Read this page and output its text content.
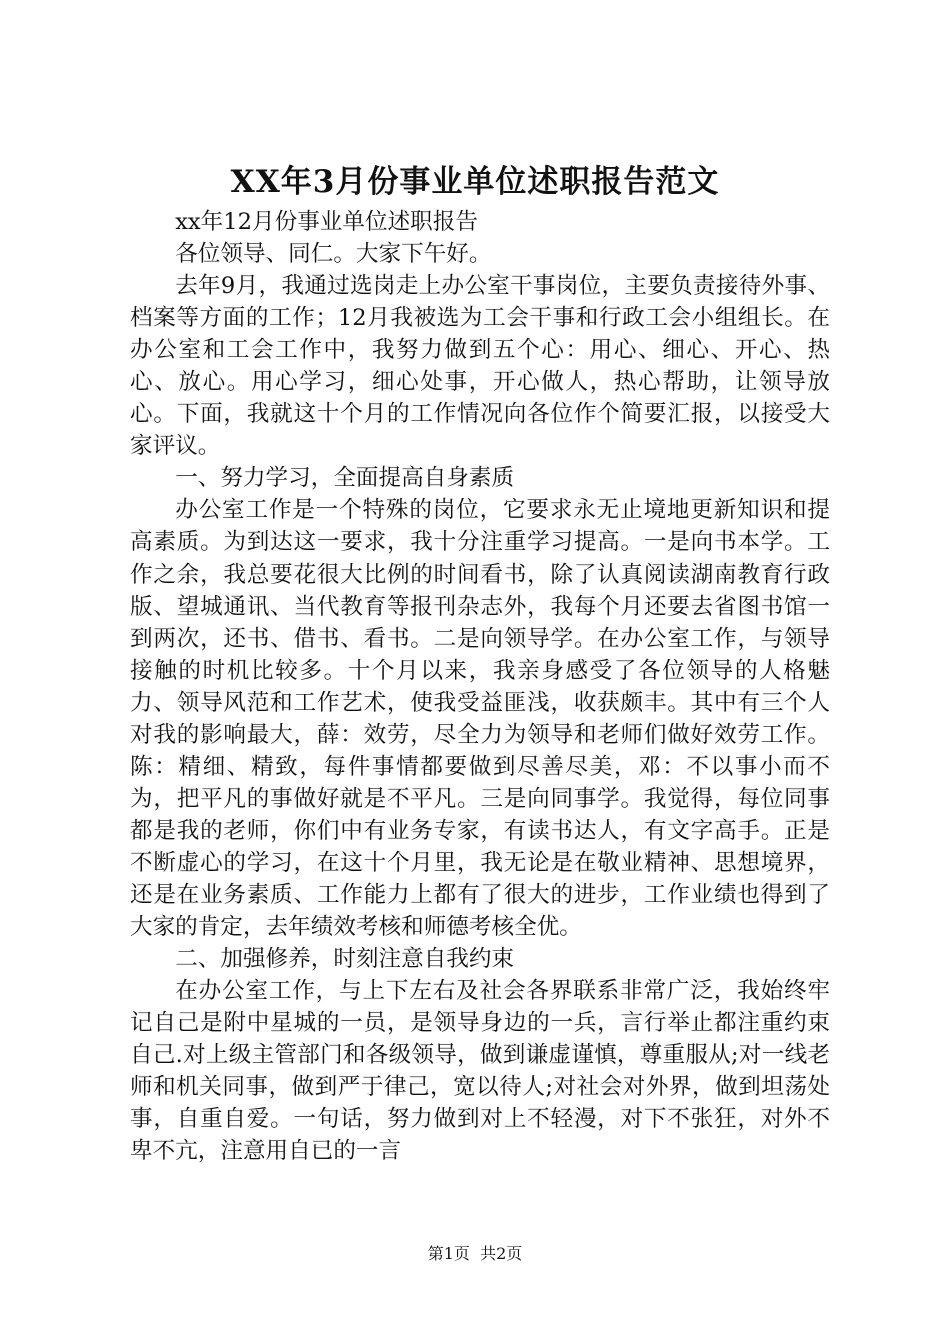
XX年3月份事业单位述职报告范文

xx年12月份事业单位述职报告

各位领导、同仁。大家下午好。

去年9月，我通过选岗走上办公室干事岗位，主要负责接待外事、档案等方面的工作；12月我被选为工会干事和行政工会小组组长。在办公室和工会工作中，我努力做到五个心：用心、细心、开心、热心、放心。用心学习，细心处事，开心做人，热心帮助，让领导放心。下面，我就这十个月的工作情况向各位作个简要汇报，以接受大家评议。

一、努力学习，全面提高自身素质

办公室工作是一个特殊的岗位，它要求永无止境地更新知识和提高素质。为到达这一要求，我十分注重学习提高。一是向书本学。工作之余，我总要花很大比例的时间看书，除了认真阅读湖南教育行政版、望城通讯、当代教育等报刊杂志外，我每个月还要去省图书馆一到两次，还书、借书、看书。二是向领导学。在办公室工作，与领导接触的时机比较多。十个月以来，我亲身感受了各位领导的人格魅力、领导风范和工作艺术，使我受益匪浅，收获颇丰。其中有三个人对我的影响最大，薛：效劳，尽全力为领导和老师们做好效劳工作。陈：精细、精致，每件事情都要做到尽善尽美，邓：不以事小而不为，把平凡的事做好就是不平凡。三是向同事学。我觉得，每位同事都是我的老师，你们中有业务专家，有读书达人，有文字高手。正是不断虚心的学习，在这十个月里，我无论是在敬业精神、思想境界，还是在业务素质、工作能力上都有了很大的进步，工作业绩也得到了大家的肯定，去年绩效考核和师德考核全优。

二、加强修养，时刻注意自我约束

在办公室工作，与上下左右及社会各界联系非常广泛，我始终牢记自己是附中星城的一员，是领导身边的一兵，言行举止都注重约束自己.对上级主管部门和各级领导，做到谦虚谨慎，尊重服从;对一线老师和机关同事，做到严于律己，宽以待人;对社会对外界，做到坦荡处事，自重自爱。一句话，努力做到对上不轻漫，对下不张狂，对外不卑不亢，注意用自已的一言

第1页 共2页
